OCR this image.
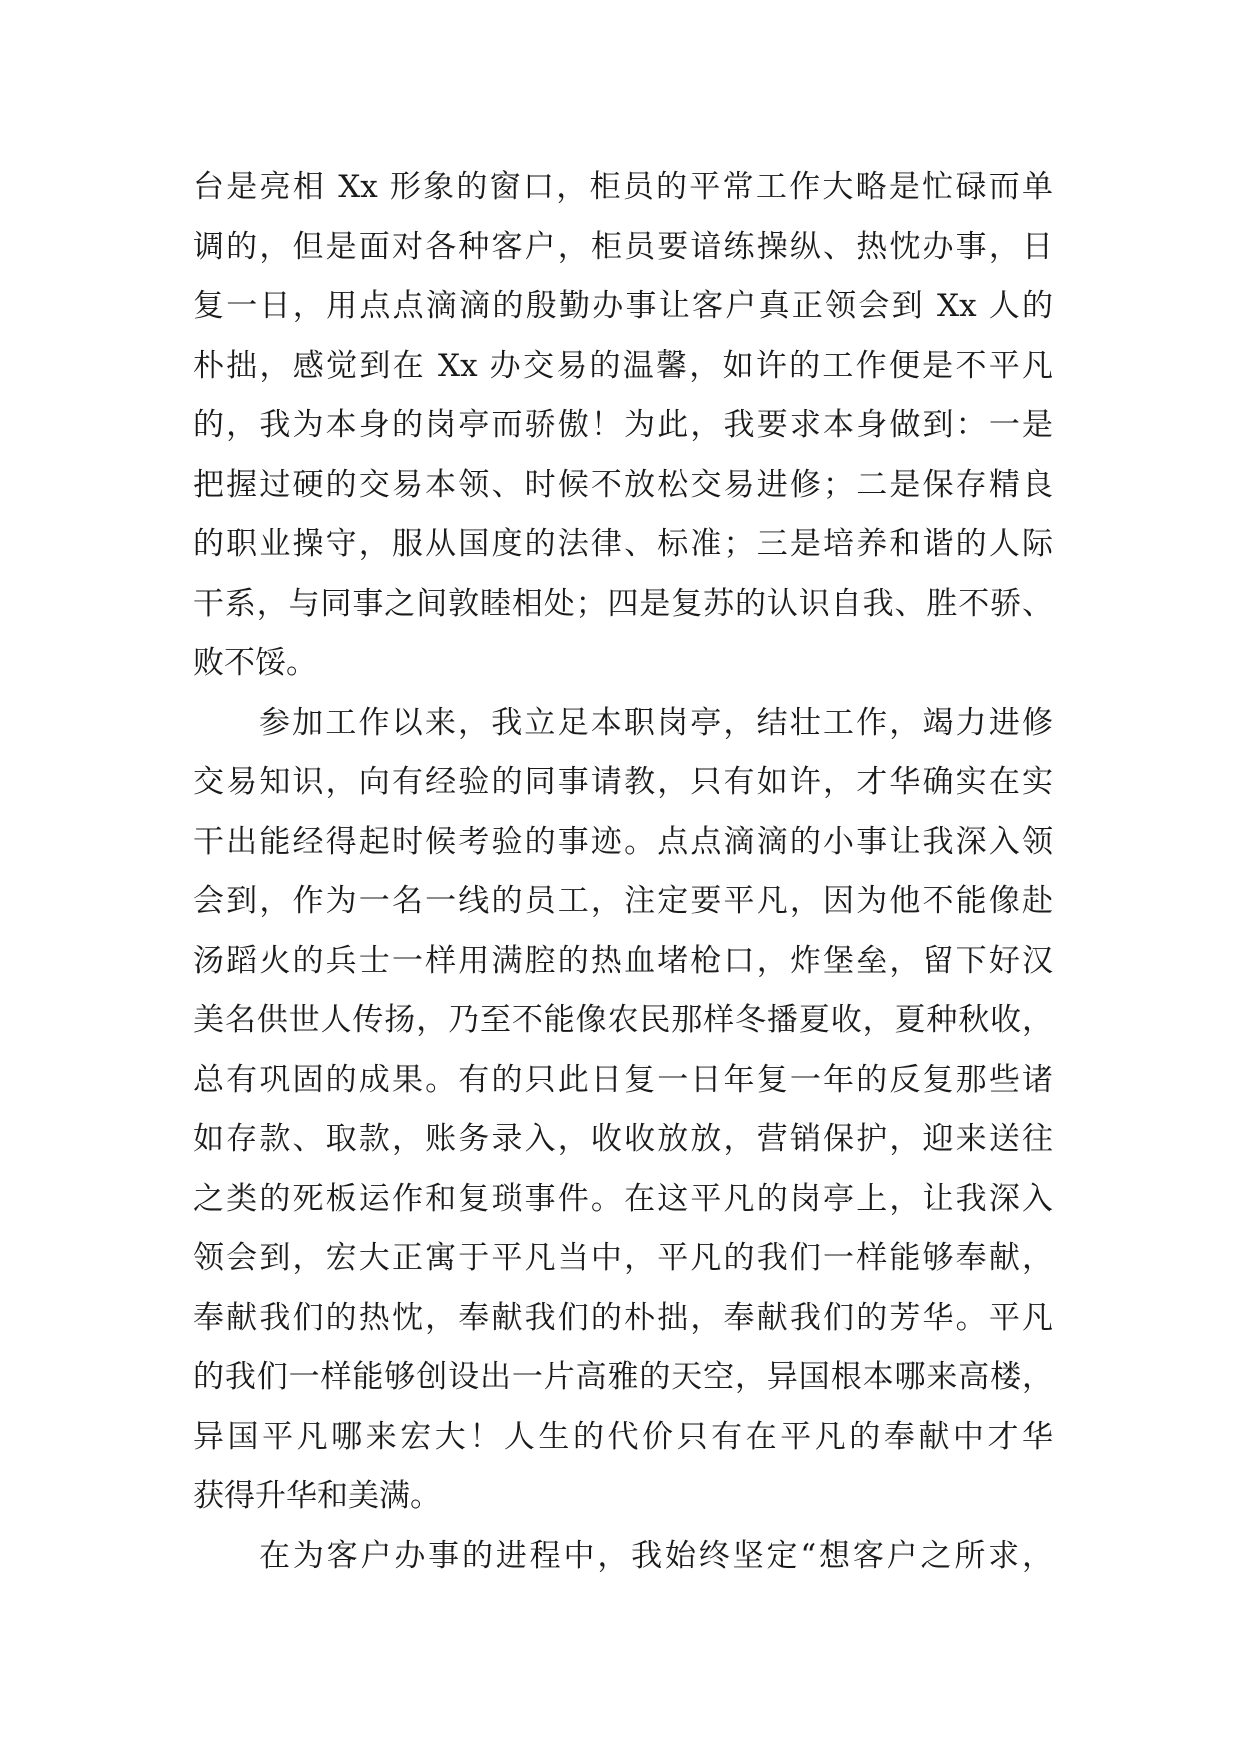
台是亮相 Xx 形象的窗口，柜员的平常工作大略是忙碌而单
调的，但是面对各种客户，柜员要谙练操纵、热忱办事，日
复一日，用点点滴滴的殷勤办事让客户真正领会到 Xx 人的
朴拙，感觉到在 Xx 办交易的温馨，如许的工作便是不平凡
的，我为本身的岗亭而骄傲！为此，我要求本身做到：一是
把握过硬的交易本领、时候不放松交易进修；二是保存精良
的职业操守，服从国度的法律、标准；三是培养和谐的人际
干系，与同事之间敦睦相处；四是复苏的认识自我、胜不骄、
败不馁。
参加工作以来，我立足本职岗亭，结壮工作，竭力进修
交易知识，向有经验的同事请教，只有如许，才华确实在实
干出能经得起时候考验的事迹。点点滴滴的小事让我深入领
会到，作为一名一线的员工，注定要平凡，因为他不能像赴
汤蹈火的兵士一样用满腔的热血堵枪口，炸堡垒，留下好汉
美名供世人传扬，乃至不能像农民那样冬播夏收，夏种秋收，
总有巩固的成果。有的只此日复一日年复一年的反复那些诸
如存款、取款，账务录入，收收放放，营销保护，迎来送往
之类的死板运作和复琐事件。在这平凡的岗亭上，让我深入
领会到，宏大正寓于平凡当中，平凡的我们一样能够奉献，
奉献我们的热忱，奉献我们的朴拙，奉献我们的芳华。平凡
的我们一样能够创设出一片高雅的天空，异国根本哪来高楼，
异国平凡哪来宏大！人生的代价只有在平凡的奉献中才华
获得升华和美满。
在为客户办事的进程中，我始终坚定“想客户之所求，
